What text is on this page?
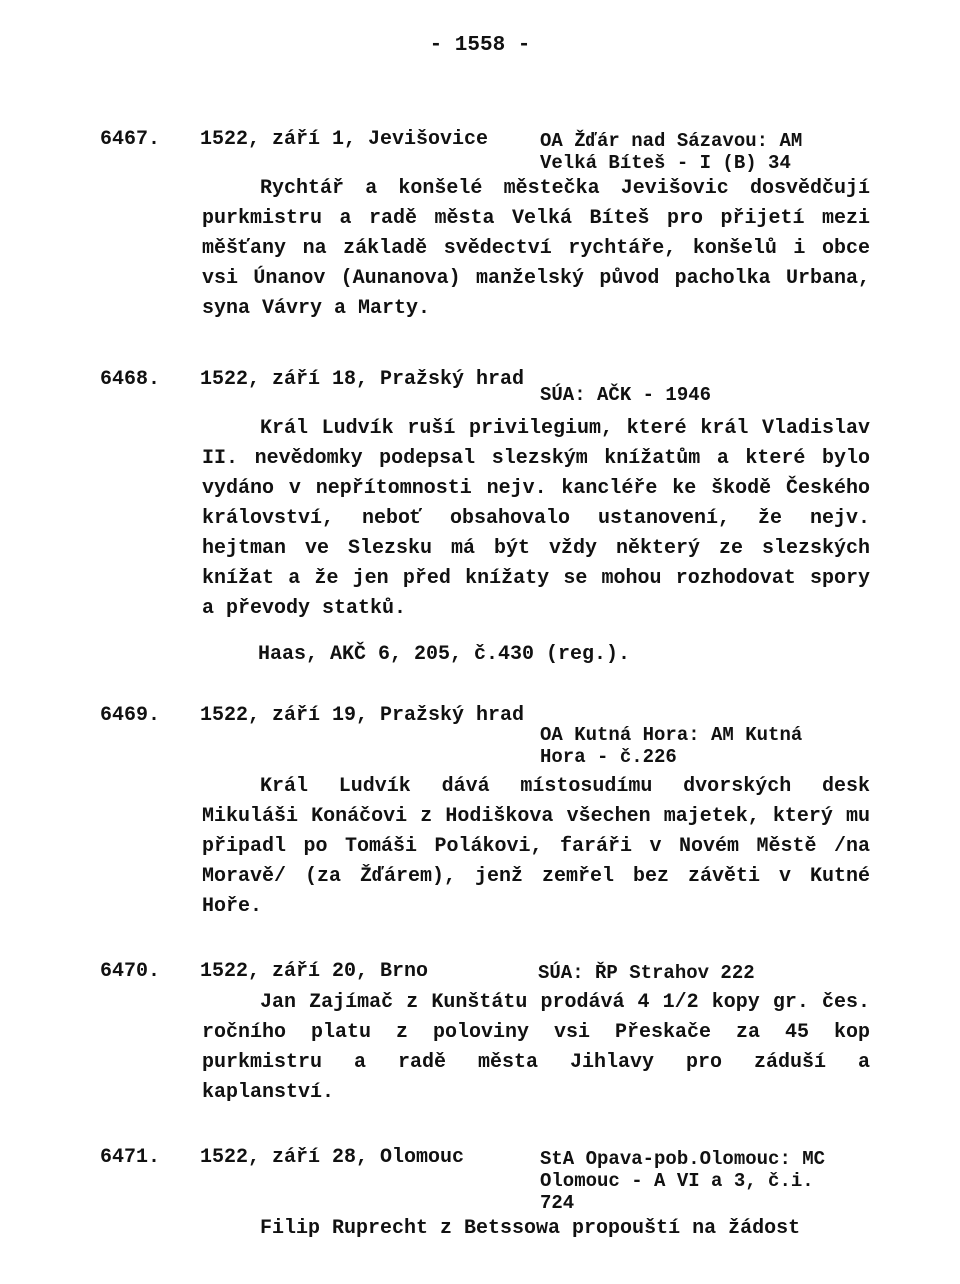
- 1558 -
6467. 1522, září 1, Jevišovice	OA Žďár nad Sázavou: AM
Velká Bíteš - I (B) 34
Rychtář a konšelé městečka Jevišovic dosvědčují purkmistru a radě města Velká Bíteš pro přijetí mezi měšťany na základě svědectví rychtáře, konšelů i obce vsi Únanov (Aunanova) manželský původ pacholka Urbana, syna Vávry a Marty.
6468. 1522, září 18, Pražský hrad
SÚA: AČK - 1946
Král Ludvík ruší privilegium, které král Vladislav II. nevědomky podepsal slezským knížatům a které bylo vydáno v nepřítomnosti nejv. kancléře ke škodě Českého království, neboť obsahovalo ustanovení, že nejv. hejtman ve Slezsku má být vždy některý ze slezských knížat a že jen před knížaty se mohou rozhodovat spory a převody statků.
Haas, AKČ 6, 205, č.430 (reg.).
6469. 1522, září 19, Pražský hrad
OA Kutná Hora: AM Kutná
Hora - č.226
Král Ludvík dává místosudímu dvorských desk Mikuláši Konáčovi z Hodiškova všechen majetek, který mu připadl po Tomáši Polákovi, faráři v Novém Městě /na Moravě/ (za Žďárem), jenž zemřel bez závěti v Kutné Hoře.
6470. 1522, září 20, Brno	SÚA: ŘP Strahov 222
Jan Zajímač z Kunštátu prodává 4 1/2 kopy gr. čes. ročního platu z poloviny vsi Přeskače za 45 kop purkmistru a radě města Jihlavy pro záduší a kaplanství.
6471. 1522, září 28, Olomouc	StA Opava-pob.Olomouc: MC
Olomouc - A VI a 3, č.i.
724
Filip Ruprecht z Betssowa propouští na žádost
